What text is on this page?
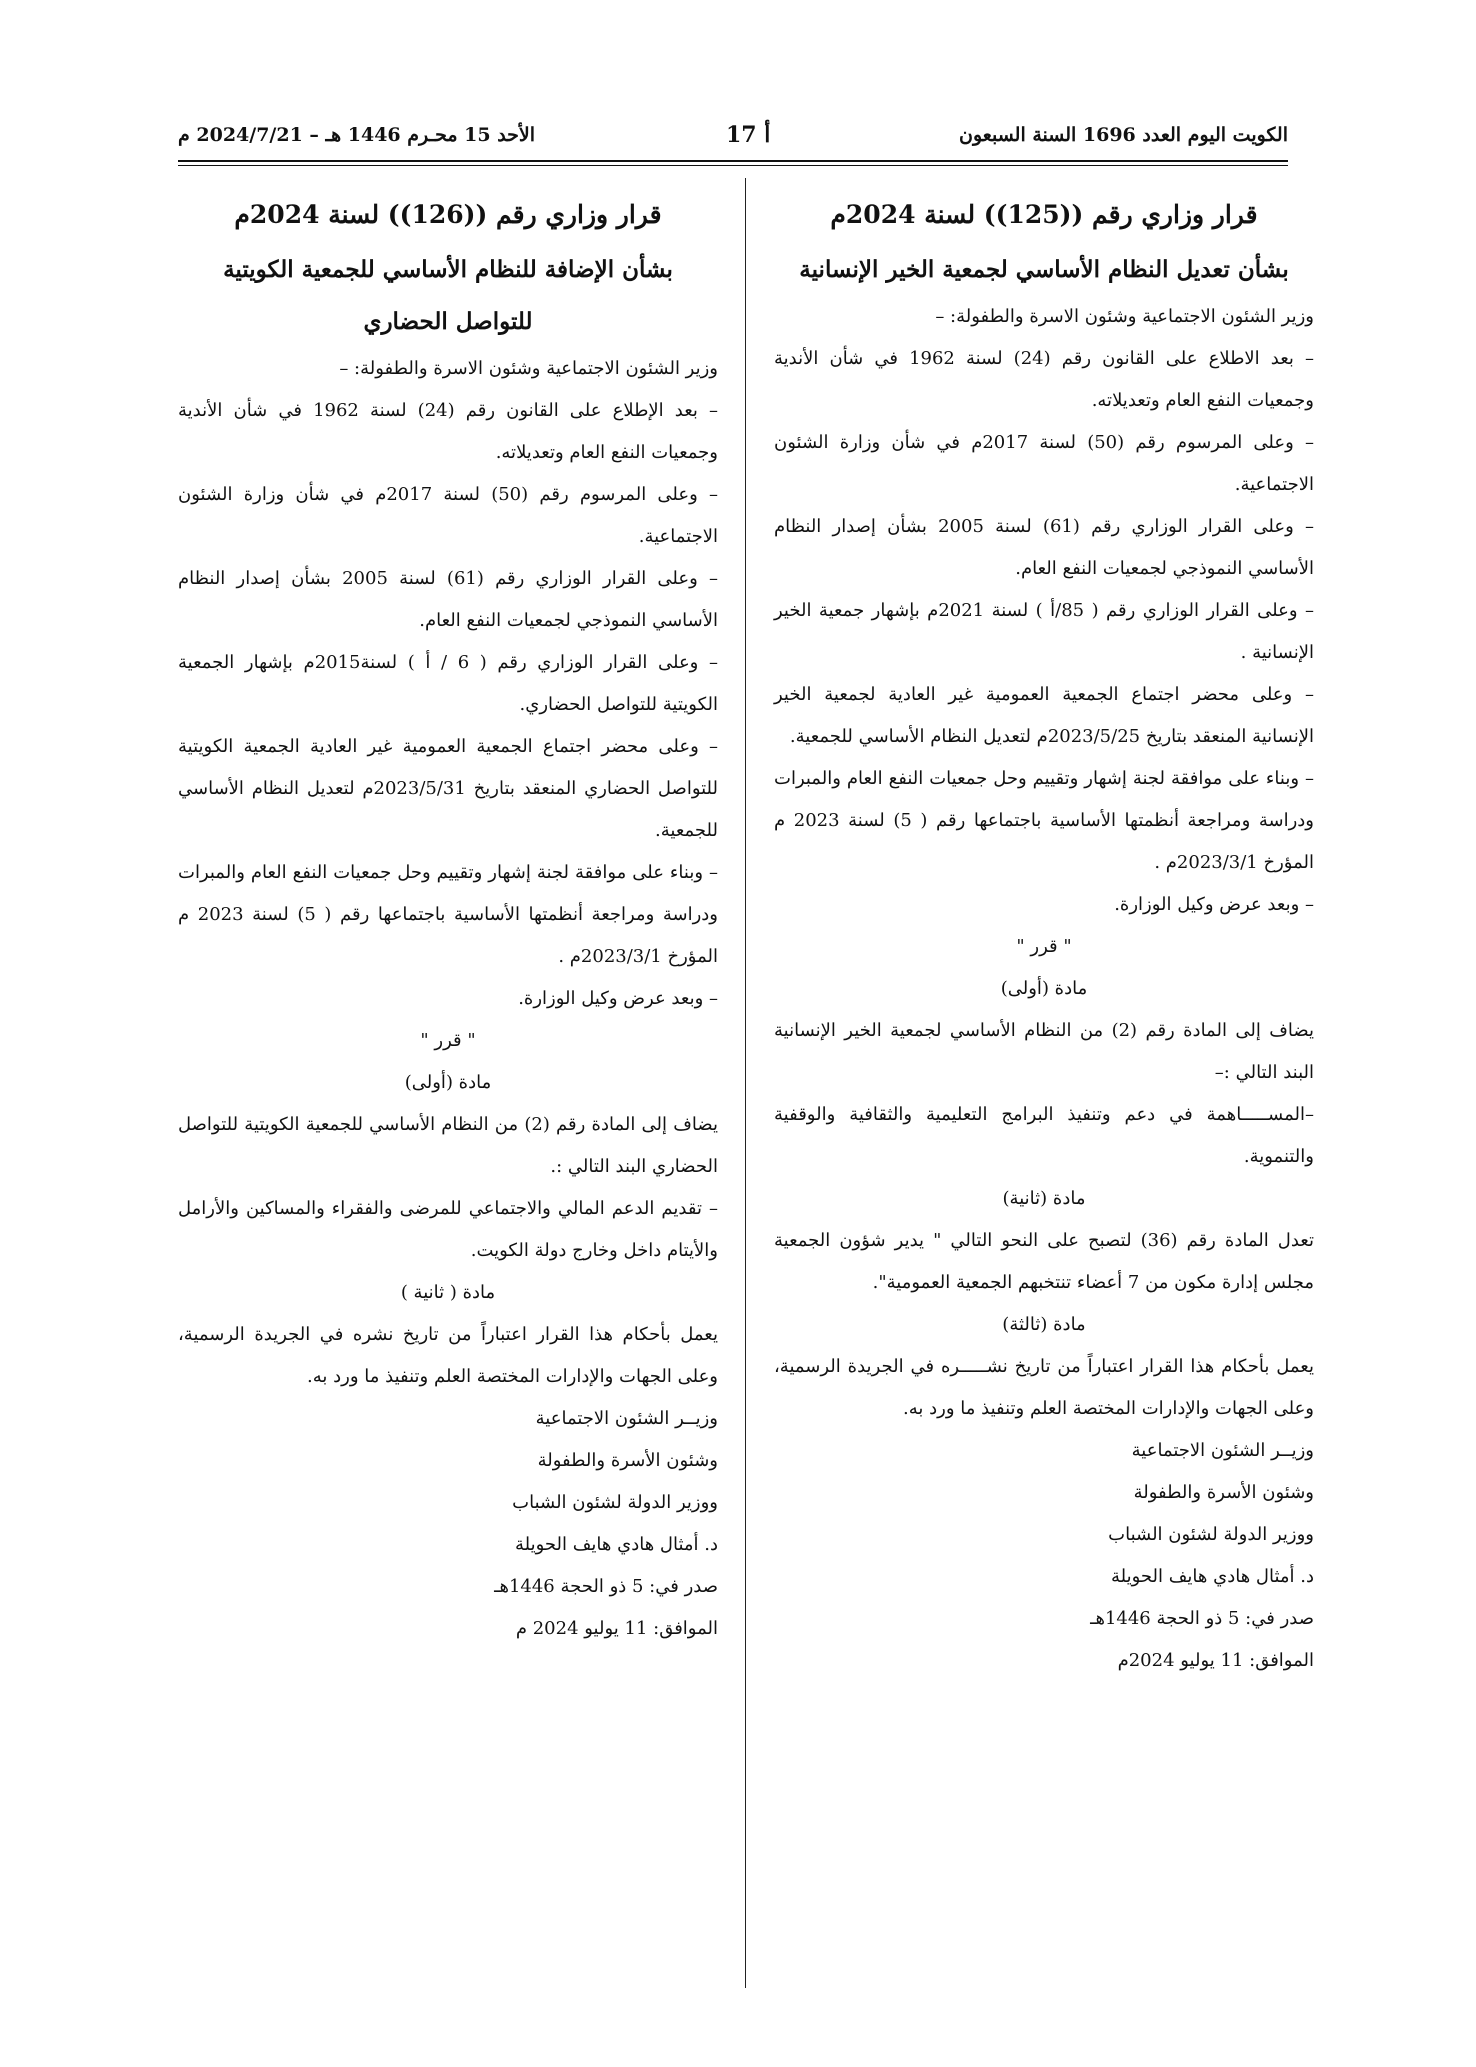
الكويت اليوم العدد 1696 السنة السبعون
أ 17
الأحد 15 محـرم 1446 هـ – 2024/7/21 م
قرار وزاري رقم ((125)) لسنة 2024م
بشأن تعديل النظام الأساسي لجمعية الخير الإنسانية
وزير الشئون الاجتماعية وشئون الاسرة والطفولة: –
– بعد الاطلاع على القانون رقم (24) لسنة 1962 في شأن الأندية وجمعيات النفع العام وتعديلاته.
– وعلى المرسوم رقم (50) لسنة 2017م في شأن وزارة الشئون الاجتماعية.
– وعلى القرار الوزاري رقم (61) لسنة 2005 بشأن إصدار النظام الأساسي النموذجي لجمعيات النفع العام.
– وعلى القرار الوزاري رقم ( 85/أ ) لسنة 2021م بإشهار جمعية الخير الإنسانية .
– وعلى محضر اجتماع الجمعية العمومية غير العادية لجمعية الخير الإنسانية المنعقد بتاريخ 2023/5/25م لتعديل النظام الأساسي للجمعية.
– وبناء على موافقة لجنة إشهار وتقييم وحل جمعيات النفع العام والمبرات ودراسة ومراجعة أنظمتها الأساسية باجتماعها رقم ( 5) لسنة 2023 م المؤرخ 2023/3/1م .
– وبعد عرض وكيل الوزارة.
" قرر "
مادة (أولى)
يضاف إلى المادة رقم (2) من النظام الأساسي لجمعية الخير الإنسانية البند التالي :–
–المســـــاهمة في دعم وتنفيذ البرامج التعليمية والثقافية والوقفية والتنموية.
مادة (ثانية)
تعدل المادة رقم (36) لتصبح على النحو التالي " يدير شؤون الجمعية مجلس إدارة مكون من 7 أعضاء تنتخبهم الجمعية العمومية".
مادة (ثالثة)
يعمل بأحكام هذا القرار اعتباراً من تاريخ نشـــــره في الجريدة الرسمية، وعلى الجهات والإدارات المختصة العلم وتنفيذ ما ورد به.
وزيــر الشئون الاجتماعية
وشئون الأسرة والطفولة
ووزير الدولة لشئون الشباب
د. أمثال هادي هايف الحويلة
صدر في: 5 ذو الحجة 1446هـ
الموافق: 11 يوليو 2024م
قرار وزاري رقم ((126)) لسنة 2024م
بشأن الإضافة للنظام الأساسي للجمعية الكويتية
للتواصل الحضاري
وزير الشئون الاجتماعية وشئون الاسرة والطفولة: –
– بعد الإطلاع على القانون رقم (24) لسنة 1962 في شأن الأندية وجمعيات النفع العام وتعديلاته.
– وعلى المرسوم رقم (50) لسنة 2017م في شأن وزارة الشئون الاجتماعية.
– وعلى القرار الوزاري رقم (61) لسنة 2005 بشأن إصدار النظام الأساسي النموذجي لجمعيات النفع العام.
– وعلى القرار الوزاري رقم ( 6 / أ ) لسنة2015م بإشهار الجمعية الكويتية للتواصل الحضاري.
– وعلى محضر اجتماع الجمعية العمومية غير العادية الجمعية الكويتية للتواصل الحضاري المنعقد بتاريخ 2023/5/31م لتعديل النظام الأساسي للجمعية.
– وبناء على موافقة لجنة إشهار وتقييم وحل جمعيات النفع العام والمبرات ودراسة ومراجعة أنظمتها الأساسية باجتماعها رقم ( 5) لسنة 2023 م المؤرخ 2023/3/1م .
– وبعد عرض وكيل الوزارة.
" قرر "
مادة (أولى)
يضاف إلى المادة رقم (2) من النظام الأساسي للجمعية الكويتية للتواصل الحضاري البند التالي :.
– تقديم الدعم المالي والاجتماعي للمرضى والفقراء والمساكين والأرامل والأيتام داخل وخارج دولة الكويت.
مادة ( ثانية )
يعمل بأحكام هذا القرار اعتباراً من تاريخ نشره في الجريدة الرسمية، وعلى الجهات والإدارات المختصة العلم وتنفيذ ما ورد به.
وزيــر الشئون الاجتماعية
وشئون الأسرة والطفولة
ووزير الدولة لشئون الشباب
د. أمثال هادي هايف الحويلة
صدر في: 5 ذو الحجة 1446هـ
الموافق: 11 يوليو 2024 م
